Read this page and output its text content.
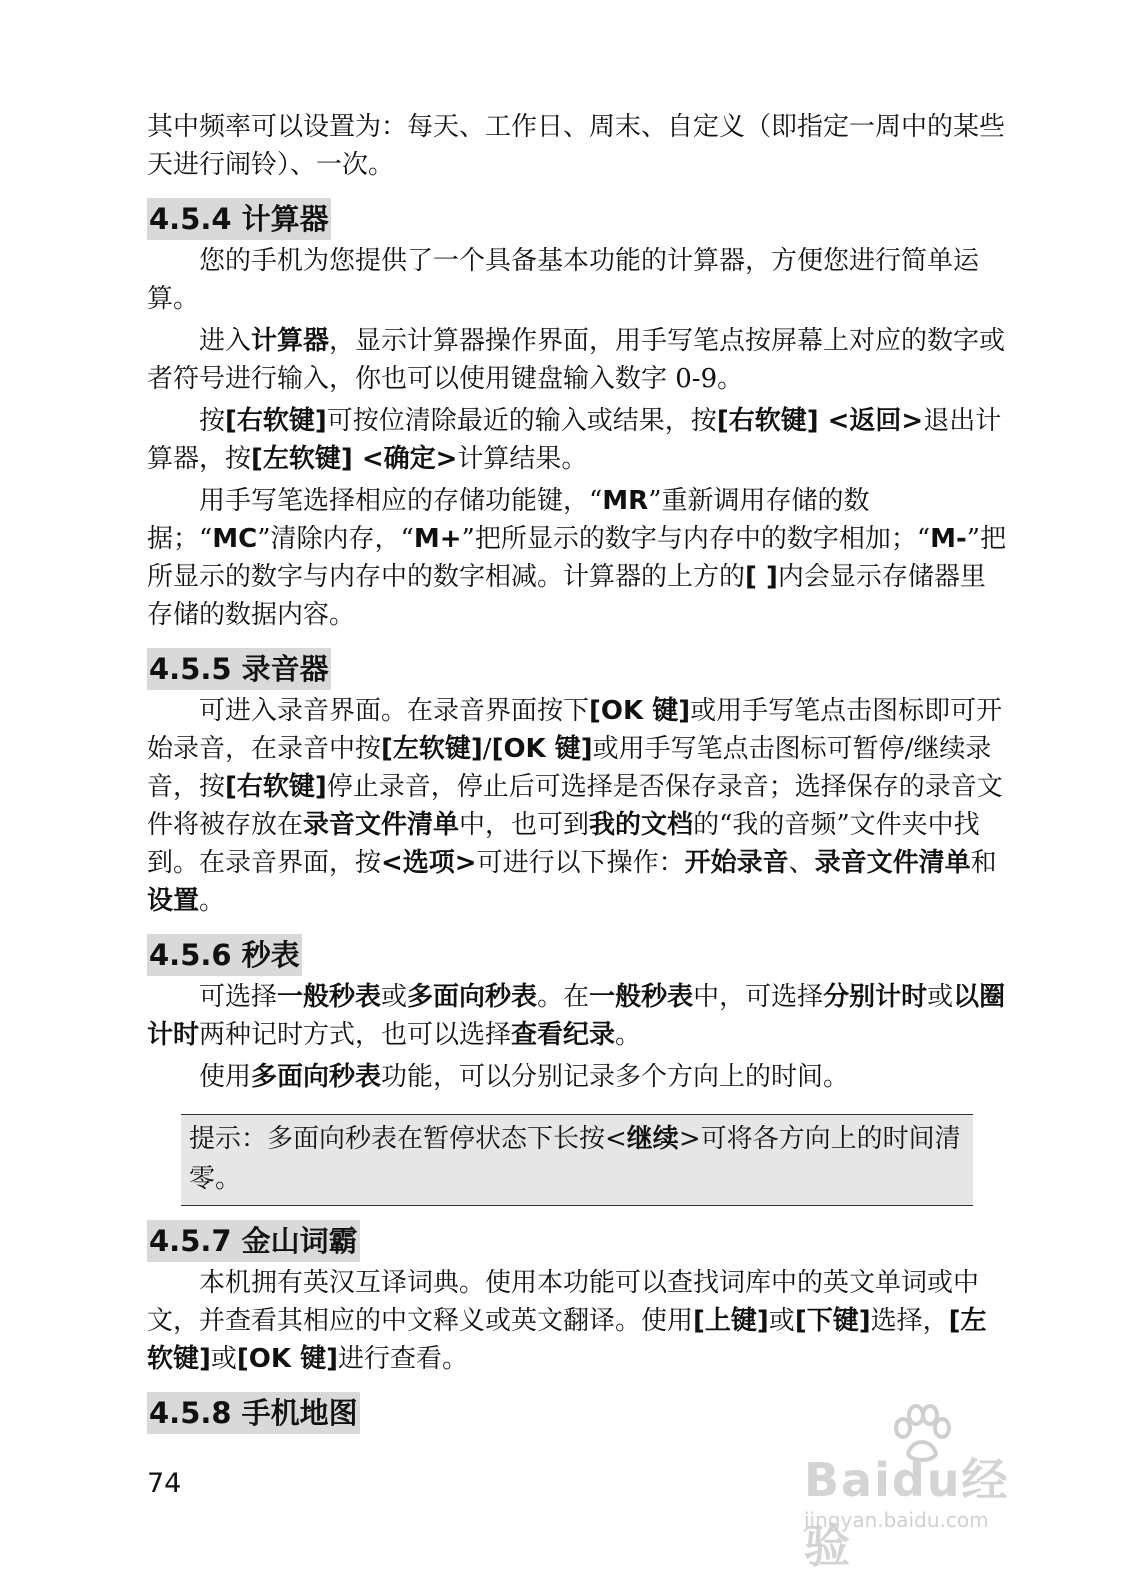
其中频率可以设置为：每天、工作日、周末、自定义（即指定一周中的某些天进行闹铃）、一次。

4.5.4 计算器

您的手机为您提供了一个具备基本功能的计算器，方便您进行简单运算。

进入计算器，显示计算器操作界面，用手写笔点按屏幕上对应的数字或者符号进行输入，你也可以使用键盘输入数字 0-9。

按[右软键]可按位清除最近的输入或结果，按[右软键] <返回>退出计算器，按[左软键] <确定>计算结果。

用手写笔选择相应的存储功能键，“MR”重新调用存储的数据；“MC”清除内存，“M+”把所显示的数字与内存中的数字相加；“M-”把所显示的数字与内存中的数字相减。计算器的上方的[ ]内会显示存储器里存储的数据内容。

4.5.5 录音器

可进入录音界面。在录音界面按下[OK 键]或用手写笔点击图标即可开始录音，在录音中按[左软键]/[OK 键]或用手写笔点击图标可暂停/继续录音，按[右软键]停止录音，停止后可选择是否保存录音；选择保存的录音文件将被存放在录音文件清单中，也可到我的文档的“我的音频”文件夹中找到。在录音界面，按<选项>可进行以下操作：开始录音、录音文件清单和设置。

4.5.6 秒表

可选择一般秒表或多面向秒表。在一般秒表中，可选择分别计时或以圈计时两种记时方式，也可以选择查看纪录。

使用多面向秒表功能，可以分别记录多个方向上的时间。

提示：多面向秒表在暂停状态下长按<继续>可将各方向上的时间清零。

4.5.7 金山词霸

本机拥有英汉互译词典。使用本功能可以查找词库中的英文单词或中文，并查看其相应的中文释义或英文翻译。使用[上键]或[下键]选择，[左软键]或[OK 键]进行查看。

4.5.8 手机地图
74	Baidu经验
jingyan.baidu.com
